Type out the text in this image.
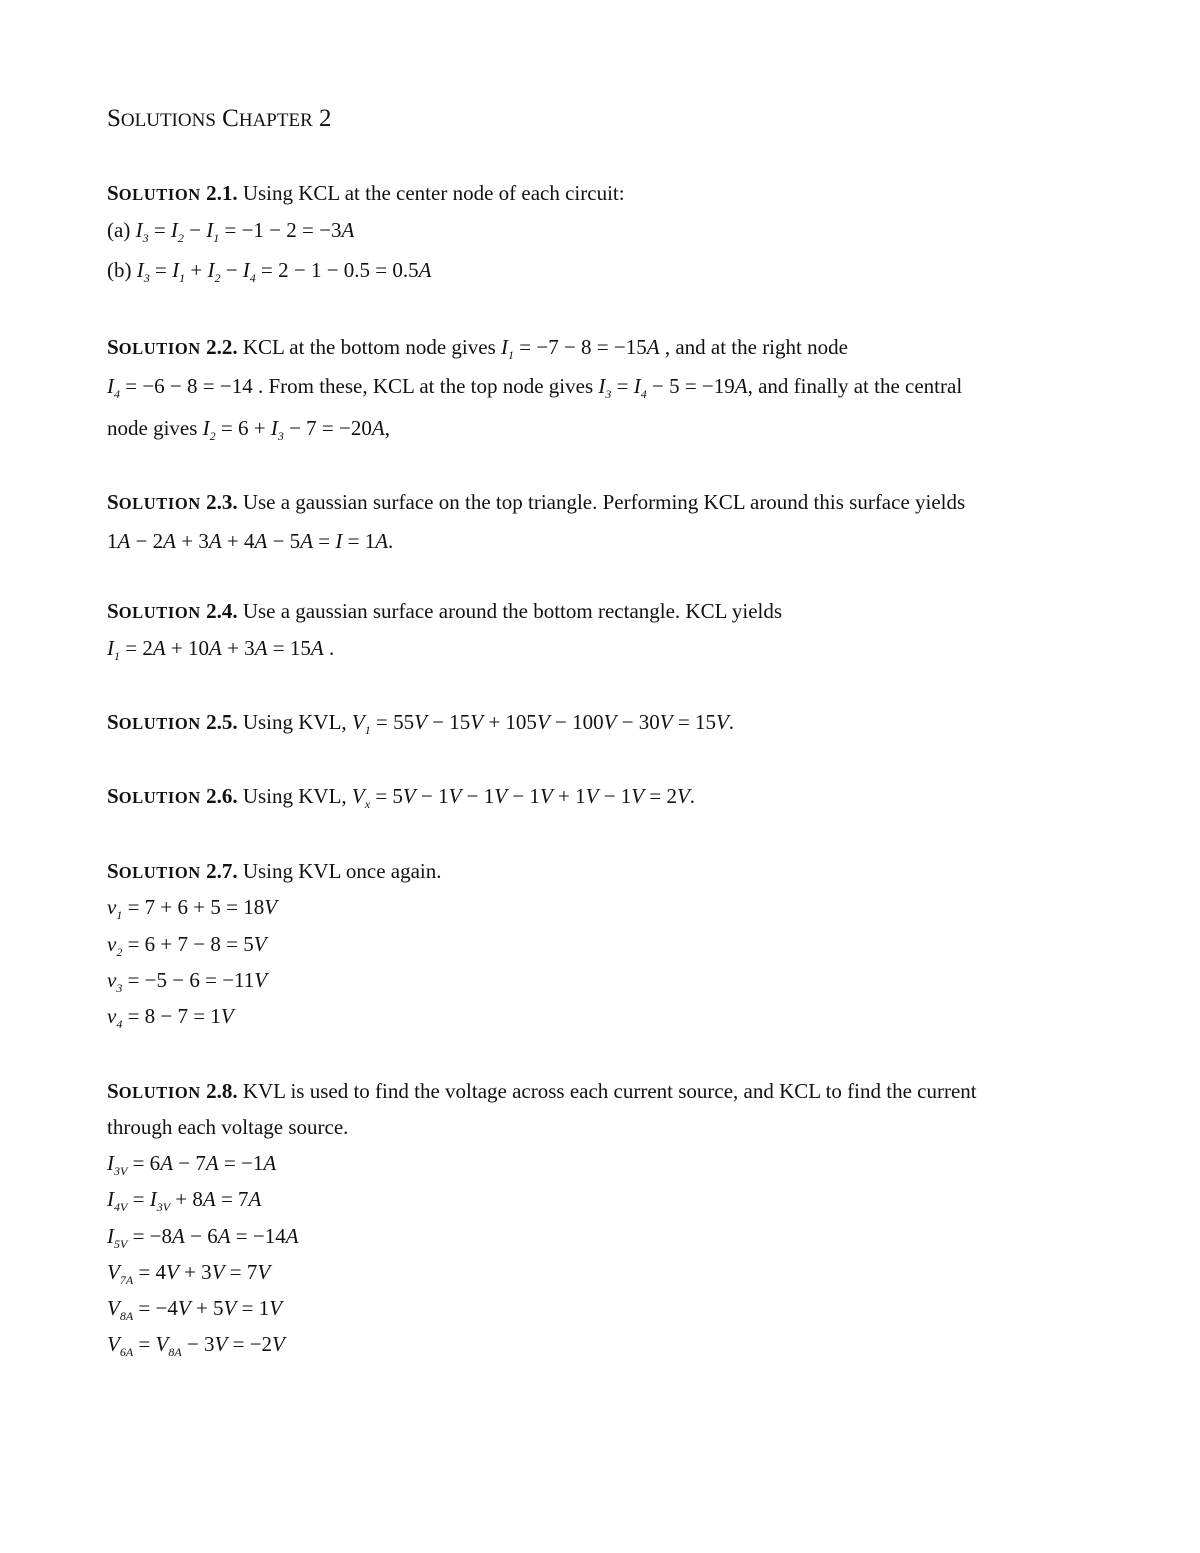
SOLUTIONS CHAPTER 2
SOLUTION 2.1. Using KCL at the center node of each circuit:
(a) $I_3 = I_2 - I_1 = -1 - 2 = -3A$
(b) $I_3 = I_1 + I_2 - I_4 = 2 - 1 - 0.5 = 0.5A$
SOLUTION 2.2. KCL at the bottom node gives $I_1 = -7 - 8 = -15A$ , and at the right node
$I_4 = -6 - 8 = -14$ . From these, KCL at the top node gives $I_3 = I_4 - 5 = -19A$, and finally at the central
node gives $I_2 = 6 + I_3 - 7 = -20A$,
SOLUTION 2.3. Use a gaussian surface on the top triangle. Performing KCL around this surface yields
1A − 2A + 3A + 4A − 5A = I = 1A.
SOLUTION 2.4. Use a gaussian surface around the bottom rectangle. KCL yields
$I_1 = 2A + 10A + 3A = 15A$ .
SOLUTION 2.5. Using KVL, $V_1 = 55V - 15V + 105V - 100V - 30V = 15V$.
SOLUTION 2.6. Using KVL, $V_x = 5V - 1V - 1V - 1V + 1V - 1V = 2V$.
SOLUTION 2.7. Using KVL once again.
$v_1 = 7 + 6 + 5 = 18V$
$v_2 = 6 + 7 - 8 = 5V$
$v_3 = -5 - 6 = -11V$
$v_4 = 8 - 7 = 1V$
SOLUTION 2.8. KVL is used to find the voltage across each current source, and KCL to find the current
through each voltage source.
$I_{3V} = 6A - 7A = -1A$
$I_{4V} = I_{3V} + 8A = 7A$
$I_{5V} = -8A - 6A = -14A$
$V_{7A} = 4V + 3V = 7V$
$V_{8A} = -4V + 5V = 1V$
$V_{6A} = V_{8A} - 3V = -2V$
